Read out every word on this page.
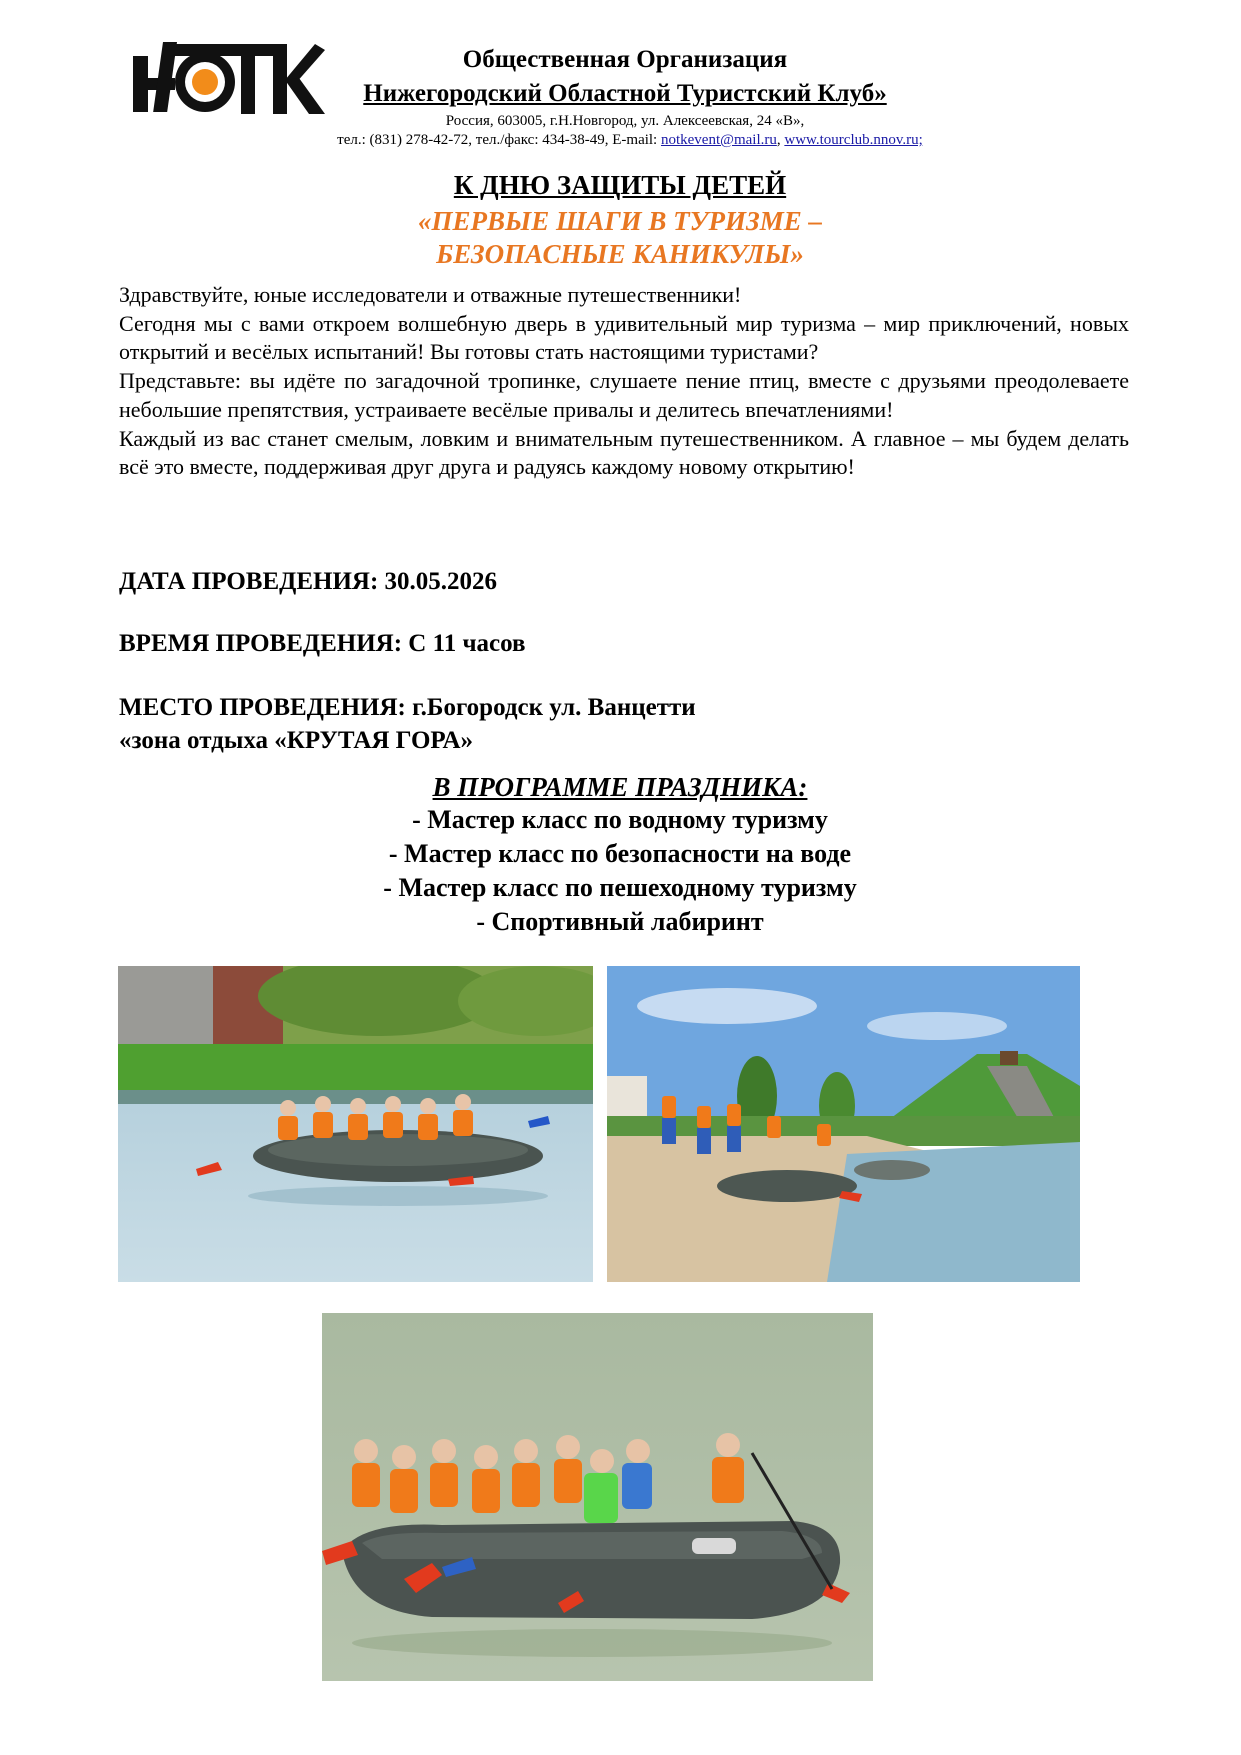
Общественная Организация
Нижегородский Областной Туристский Клуб»
Россия, 603005, г.Н.Новгород, ул. Алексеевская, 24 «В»,
тел.: (831) 278-42-72, тел./факс: 434-38-49, E-mail: notkevent@mail.ru, www.tourclub.nnov.ru;
К ДНЮ ЗАЩИТЫ ДЕТЕЙ
«ПЕРВЫЕ ШАГИ В ТУРИЗМЕ –
БЕЗОПАСНЫЕ КАНИКУЛЫ»

Здравствуйте, юные исследователи и отважные путешественники!

Сегодня мы с вами откроем волшебную дверь в удивительный мир туризма – мир приключений, новых открытий и весёлых испытаний! Вы готовы стать настоящими туристами?

Представьте: вы идёте по загадочной тропинке, слушаете пение птиц, вместе с друзьями преодолеваете небольшие препятствия, устраиваете весёлые привалы и делитесь впечатлениями!

Каждый из вас станет смелым, ловким и внимательным путешественником. А главное – мы будем делать всё это вместе, поддерживая друг друга и радуясь каждому новому открытию!

ДАТА ПРОВЕДЕНИЯ: 30.05.2026
ВРЕМЯ ПРОВЕДЕНИЯ: С 11 часов
МЕСТО ПРОВЕДЕНИЯ: г.Богородск ул. Ванцетти
«зона отдыха «КРУТАЯ ГОРА»
В ПРОГРАММЕ ПРАЗДНИКА:
- Мастер класс по водному туризму
- Мастер класс по безопасности на воде
- Мастер класс по пешеходному туризму
- Спортивный лабиринт
